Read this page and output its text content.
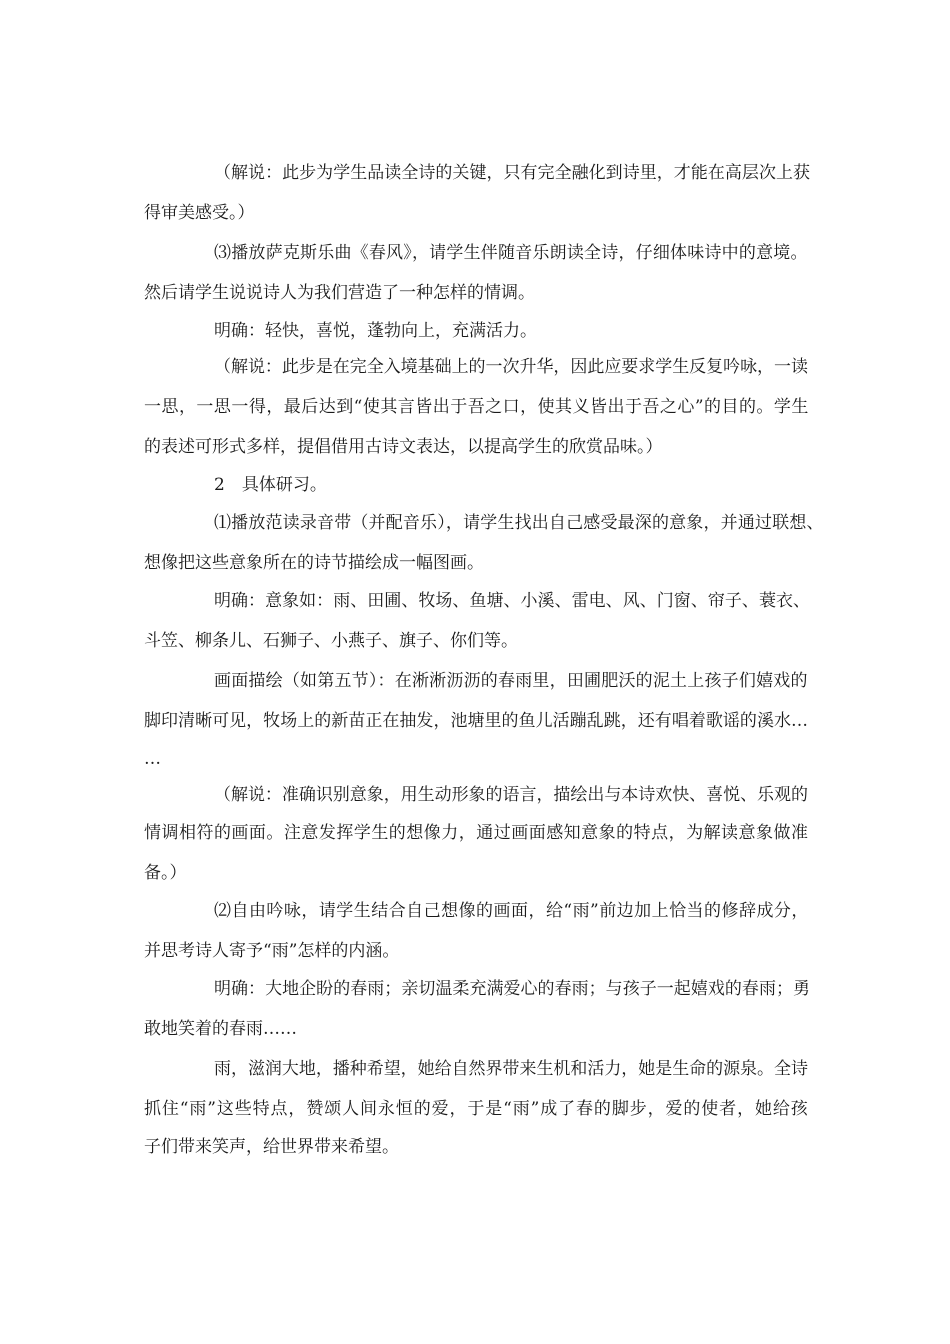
（解说：此步为学生品读全诗的关键，只有完全融化到诗里，才能在高层次上获
得审美感受。）
⑶播放萨克斯乐曲《春风》，请学生伴随音乐朗读全诗，仔细体味诗中的意境。
然后请学生说说诗人为我们营造了一种怎样的情调。
明确：轻快，喜悦，蓬勃向上，充满活力。
（解说：此步是在完全入境基础上的一次升华，因此应要求学生反复吟咏，一读
一思，一思一得，最后达到“使其言皆出于吾之口，使其义皆出于吾之心”的目的。学生
的表述可形式多样，提倡借用古诗文表达，以提高学生的欣赏品味。）
2　具体研习。
⑴播放范读录音带（并配音乐），请学生找出自己感受最深的意象，并通过联想、
想像把这些意象所在的诗节描绘成一幅图画。
明确：意象如：雨、田圃、牧场、鱼塘、小溪、雷电、风、门窗、帘子、蓑衣、
斗笠、柳条儿、石狮子、小燕子、旗子、你们等。
画面描绘（如第五节）：在淅淅沥沥的春雨里，田圃肥沃的泥土上孩子们嬉戏的
脚印清晰可见，牧场上的新苗正在抽发，池塘里的鱼儿活蹦乱跳，还有唱着歌谣的溪水…
…
（解说：准确识别意象，用生动形象的语言，描绘出与本诗欢快、喜悦、乐观的
情调相符的画面。注意发挥学生的想像力，通过画面感知意象的特点，为解读意象做准
备。）
⑵自由吟咏，请学生结合自己想像的画面，给“雨”前边加上恰当的修辞成分，
并思考诗人寄予“雨”怎样的内涵。
明确：大地企盼的春雨；亲切温柔充满爱心的春雨；与孩子一起嬉戏的春雨；勇
敢地笑着的春雨……
雨，滋润大地，播种希望，她给自然界带来生机和活力，她是生命的源泉。全诗
抓住“雨”这些特点，赞颂人间永恒的爱，于是“雨”成了春的脚步，爱的使者，她给孩
子们带来笑声，给世界带来希望。
